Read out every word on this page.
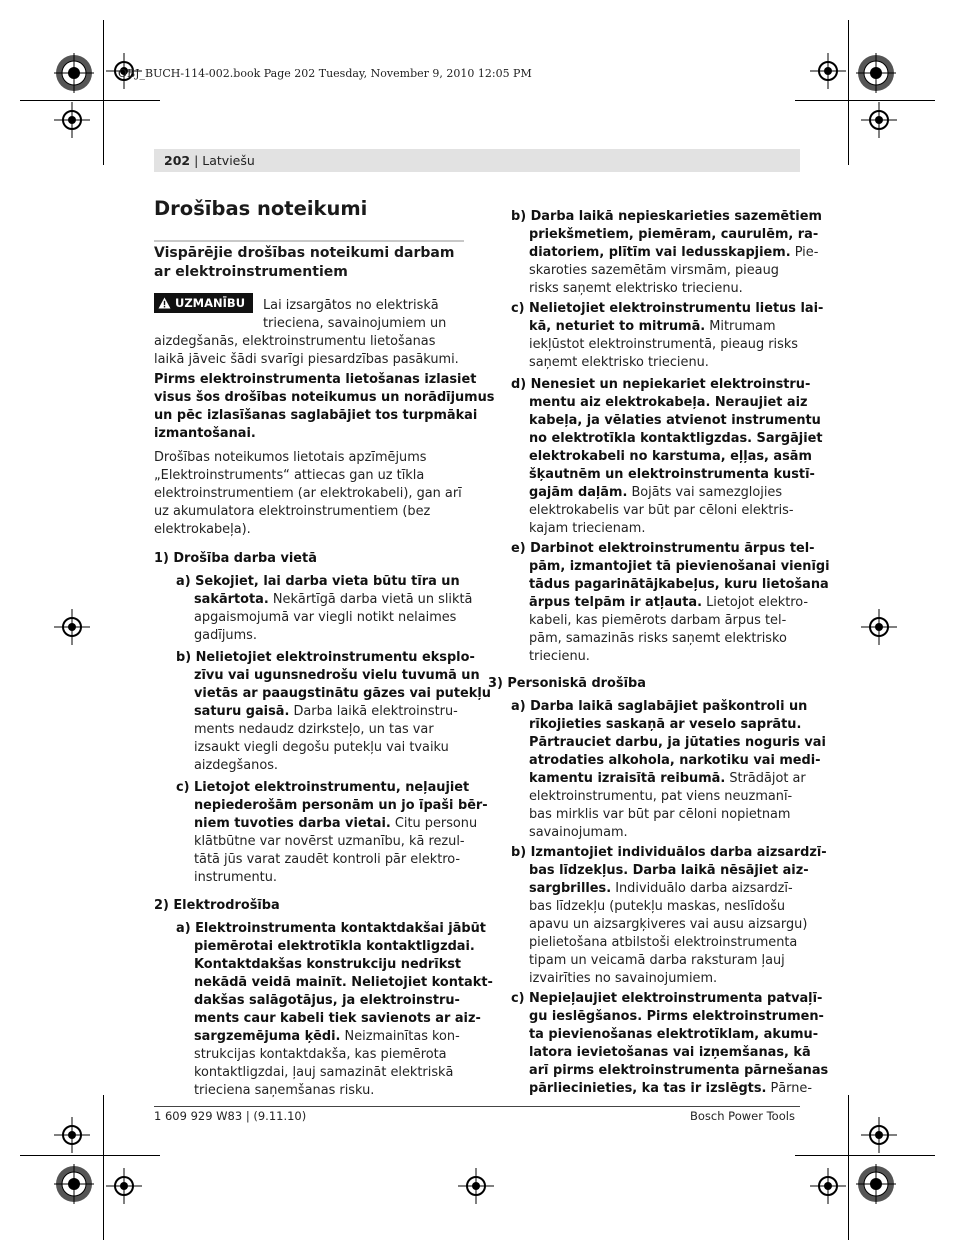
OBJ_BUCH-114-002.book Page 202 Tuesday, November 9, 2010 12:05 PM
202 | Latviešu
Drošības noteikumi
Vispārējie drošības noteikumi darbam
ar elektroinstrumentiem
UZMANĪBU Lai izsargātos no elektriskā
trieciena, savainojumiem un
aizdegšanās, elektroinstrumentu lietošanas
laikā jāveic šādi svarīgi piesardzības pasākumi.
Pirms elektroinstrumenta lietošanas izlasiet
visus šos drošības noteikumus un norādījumus
un pēc izlasīšanas saglabājiet tos turpmākai
izmantošanai.
Drošības noteikumos lietotais apzīmējums
„Elektroinstruments“ attiecas gan uz tīkla
elektroinstrumentiem (ar elektrokabeli), gan arī
uz akumulatora elektroinstrumentiem (bez
elektrokabeļa).
1) Drošība darba vietā
a) Sekojiet, lai darba vieta būtu tīra un
sakārtota. Nekārtīgā darba vietā un sliktā
apgaismojumā var viegli notikt nelaimes
gadījums.
b) Nelietojiet elektroinstrumentu eksplo-
zīvu vai ugunsnedrošu vielu tuvumā un
vietās ar paaugstinātu gāzes vai putekļu
saturu gaisā. Darba laikā elektroinstru-
ments nedaudz dzirksteļo, un tas var
izsaukt viegli degošu putekļu vai tvaiku
aizdegšanos.
c) Lietojot elektroinstrumentu, neļaujiet
nepiederošām personām un jo īpaši bēr-
niem tuvoties darba vietai. Citu personu
klātbūtne var novērst uzmanību, kā rezul-
tātā jūs varat zaudēt kontroli pār elektro-
instrumentu.
2) Elektrodrošība
a) Elektroinstrumenta kontaktdakšai jābūt
piemērotai elektrotīkla kontaktligzdai.
Kontaktdakšas konstrukciju nedrīkst
nekādā veidā mainīt. Nelietojiet kontakt-
dakšas salāgotājus, ja elektroinstru-
ments caur kabeli tiek savienots ar aiz-
sargzemējuma ķēdi. Neizmainītas kon-
strukcijas kontaktdakša, kas piemērota
kontaktligzdai, ļauj samazināt elektriskā
trieciena saņemšanas risku.
b) Darba laikā nepieskarieties sazemētiem
priekšmetiem, piemēram, caurulēm, ra-
diatoriem, plītīm vai ledusskapjiem. Pie-
skaroties sazemētām virsmām, pieaug
risks saņemt elektrisko triecienu.
c) Nelietojiet elektroinstrumentu lietus lai-
kā, neturiet to mitrumā. Mitrumam
iekļūstot elektroinstrumentā, pieaug risks
saņemt elektrisko triecienu.
d) Nenesiet un nepiekariet elektroinstru-
mentu aiz elektrokabeļa. Neraujiet aiz
kabeļa, ja vēlaties atvienot instrumentu
no elektrotīkla kontaktligzdas. Sargājiet
elektrokabeli no karstuma, eļļas, asām
šķautnēm un elektroinstrumenta kustī-
gajām daļām. Bojāts vai samezglojies
elektrokabelis var būt par cēloni elektris-
kajam triecienam.
e) Darbinot elektroinstrumentu ārpus tel-
pām, izmantojiet tā pievienošanai vienīgi
tādus pagarinātājkabeļus, kuru lietošana
ārpus telpām ir atļauta. Lietojot elektro-
kabeli, kas piemērots darbam ārpus tel-
pām, samazinās risks saņemt elektrisko
triecienu.
3) Personiskā drošība
a) Darba laikā saglabājiet paškontroli un
rīkojieties saskaņā ar veselo saprātu.
Pārtrauciet darbu, ja jūtaties noguris vai
atrodaties alkohola, narkotiku vai medi-
kamentu izraisītā reibumā. Strādājot ar
elektroinstrumentu, pat viens neuzmanī-
bas mirklis var būt par cēloni nopietnam
savainojumam.
b) Izmantojiet individuālos darba aizsardzī-
bas līdzekļus. Darba laikā nēsājiet aiz-
sargbrilles. Individuālo darba aizsardzī-
bas līdzekļu (putekļu maskas, neslīdošu
apavu un aizsargķiveres vai ausu aizsargu)
pielietošana atbilstoši elektroinstrumenta
tipam un veicamā darba raksturam ļauj
izvairīties no savainojumiem.
c) Nepieļaujiet elektroinstrumenta patvaļī-
gu ieslēgšanos. Pirms elektroinstrumen-
ta pievienošanas elektrotīklam, akumu-
latora ievietošanas vai izņemšanas, kā
arī pirms elektroinstrumenta pārnešanas
pārliecinieties, ka tas ir izslēgts. Pārne-
1 609 929 W83 | (9.11.10)	Bosch Power Tools
